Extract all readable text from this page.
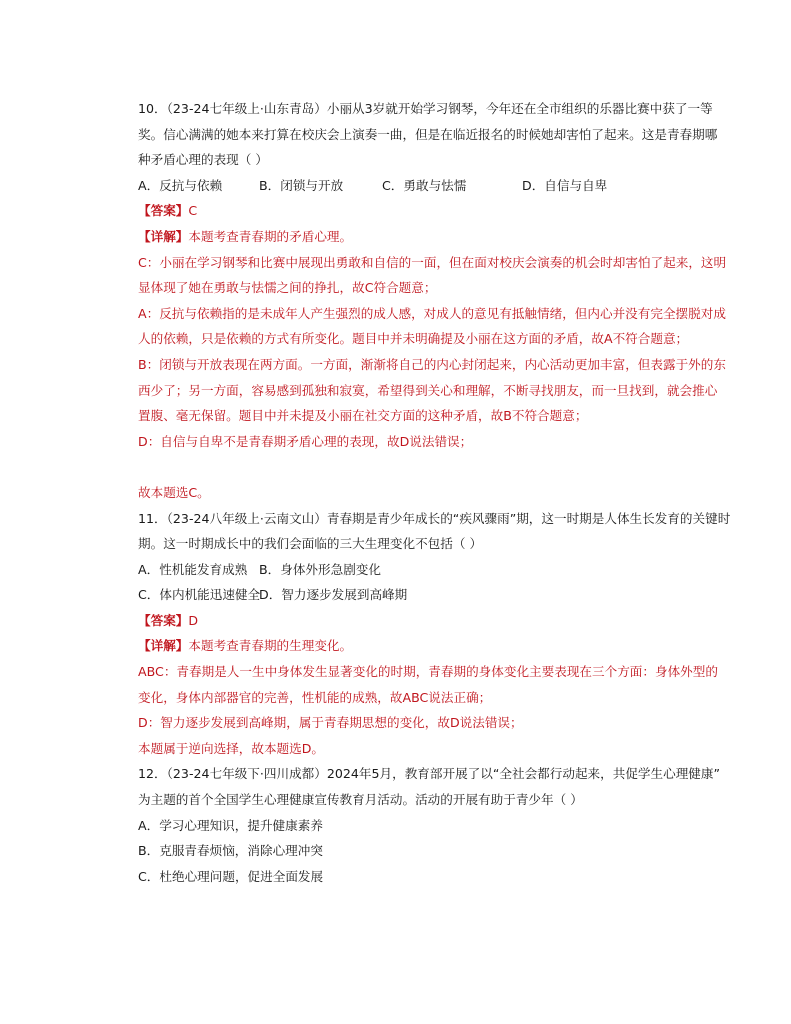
10．（23-24七年级上·山东青岛）小丽从3岁就开始学习钢琴，今年还在全市组织的乐器比赛中获了一等
奖。信心满满的她本来打算在校庆会上演奏一曲，但是在临近报名的时候她却害怕了起来。这是青春期哪
种矛盾心理的表现（ ）
A．反抗与依赖	B．闭锁与开放	C．勇敢与怯懦	D．自信与自卑
【答案】C
【详解】本题考查青春期的矛盾心理。
C：小丽在学习钢琴和比赛中展现出勇敢和自信的一面，但在面对校庆会演奏的机会时却害怕了起来，这明
显体现了她在勇敢与怯懦之间的挣扎，故C符合题意；
A：反抗与依赖指的是未成年人产生强烈的成人感，对成人的意见有抵触情绪，但内心并没有完全摆脱对成
人的依赖，只是依赖的方式有所变化。题目中并未明确提及小丽在这方面的矛盾，故A不符合题意；
B：闭锁与开放表现在两方面。一方面，渐渐将自己的内心封闭起来，内心活动更加丰富，但表露于外的东
西少了；另一方面，容易感到孤独和寂寞，希望得到关心和理解，不断寻找朋友，而一旦找到，就会推心
置腹、毫无保留。题目中并未提及小丽在社交方面的这种矛盾，故B不符合题意；
D：自信与自卑不是青春期矛盾心理的表现，故D说法错误；
故本题选C。
11．（23-24八年级上·云南文山）青春期是青少年成长的“疾风骤雨”期，这一时期是人体生长发育的关键时
期。这一时期成长中的我们会面临的三大生理变化不包括（ ）
A．性机能发育成熟 B．身体外形急剧变化
C．体内机能迅速健全
D．智力逐步发展到高峰期
【答案】D
【详解】本题考查青春期的生理变化。
ABC：青春期是人一生中身体发生显著变化的时期，青春期的身体变化主要表现在三个方面：身体外型的
变化，身体内部器官的完善，性机能的成熟，故ABC说法正确；
D：智力逐步发展到高峰期，属于青春期思想的变化，故D说法错误；
本题属于逆向选择，故本题选D。
12．（23-24七年级下·四川成都）2024年5月，教育部开展了以“全社会都行动起来，共促学生心理健康”
为主题的首个全国学生心理健康宣传教育月活动。活动的开展有助于青少年（ ）
A．学习心理知识，提升健康素养
B．克服青春烦恼，消除心理冲突
C．杜绝心理问题，促进全面发展
